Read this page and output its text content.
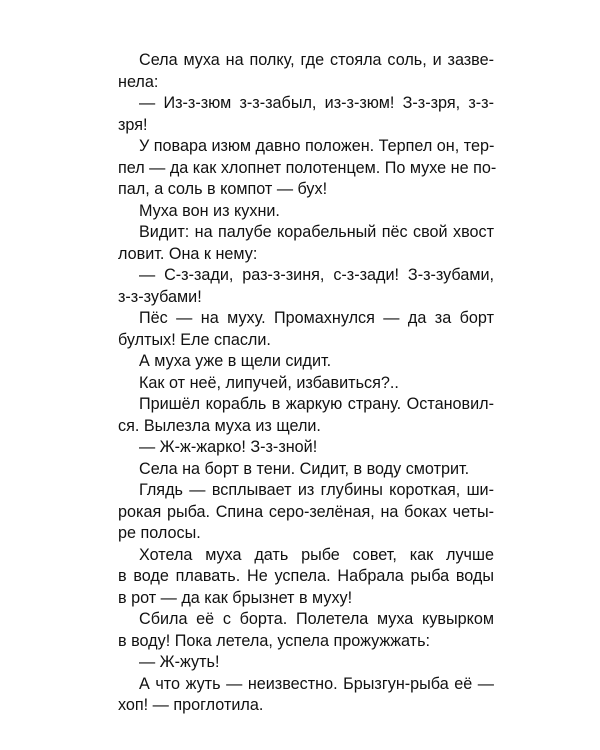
Села муха на полку, где стояла соль, и зазве-
нела:
— Из-з-зюм з-з-забыл, из-з-зюм! З-з-зря, з-з-
зря!
У повара изюм давно положен. Терпел он, тер-
пел — да как хлопнет полотенцем. По мухе не по-
пал, а соль в компот — бух!
Муха вон из кухни.
Видит: на палубе корабельный пёс свой хвост
ловит. Она к нему:
— С-з-зади, раз-з-зиня, с-з-зади! З-з-зубами,
з-з-зубами!
Пёс — на муху. Промахнулся — да за борт
бултых! Еле спасли.
А муха уже в щели сидит.
Как от неё, липучей, избавиться?..
Пришёл корабль в жаркую страну. Остановил-
ся. Вылезла муха из щели.
— Ж-ж-жарко! З-з-зной!
Села на борт в тени. Сидит, в воду смотрит.
Глядь — всплывает из глубины короткая, ши-
рокая рыба. Спина серо-зелёная, на боках четы-
ре полосы.
Хотела муха дать рыбе совет, как лучше
в воде плавать. Не успела. Набрала рыба воды
в рот — да как брызнет в муху!
Сбила её с борта. Полетела муха кувырком
в воду! Пока летела, успела прожужжать:
— Ж-жуть!
А что жуть — неизвестно. Брызгун-рыба её —
хоп! — проглотила.
